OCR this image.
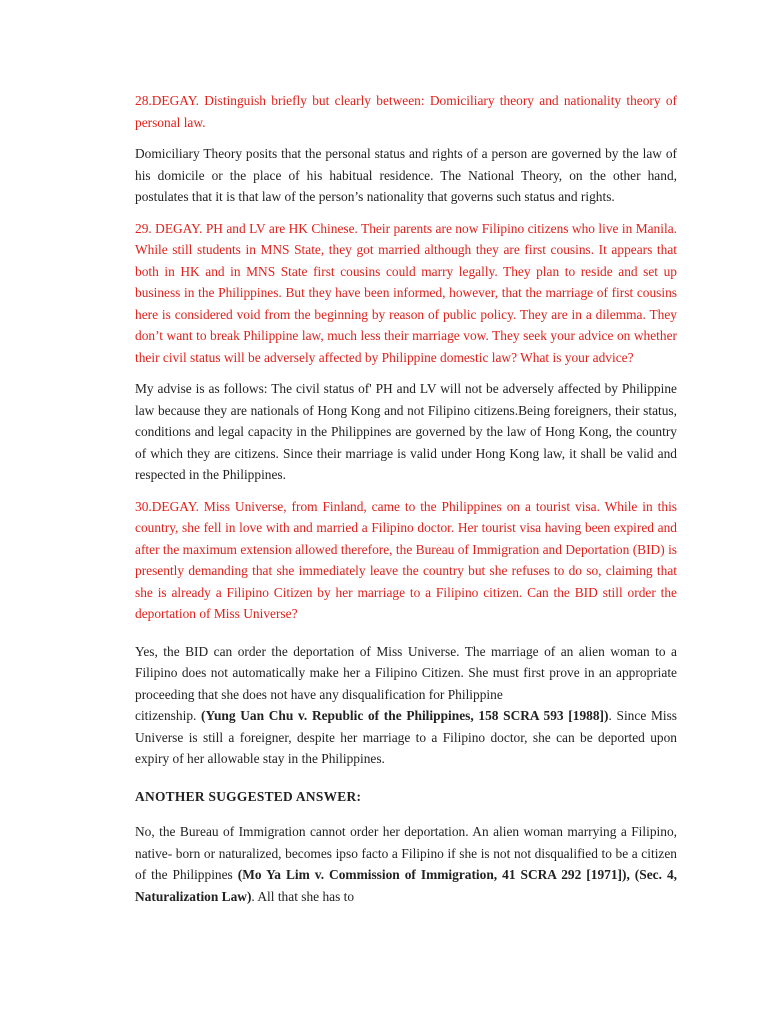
28.DEGAY. Distinguish briefly but clearly between: Domiciliary theory and nationality theory of personal law.

Domiciliary Theory posits that the personal status and rights of a person are governed by the law of his domicile or the place of his habitual residence. The National Theory, on the other hand, postulates that it is that law of the person’s nationality that governs such status and rights.

29. DEGAY. PH and LV are HK Chinese. Their parents are now Filipino citizens who live in Manila. While still students in MNS State, they got married although they are first cousins. It appears that both in HK and in MNS State first cousins could marry legally. They plan to reside and set up business in the Philippines. But they have been informed, however, that the marriage of first cousins here is considered void from the beginning by reason of public policy. They are in a dilemma. They don’t want to break Philippine law, much less their marriage vow. They seek your advice on whether their civil status will be adversely affected by Philippine domestic law? What is your advice?

My advise is as follows: The civil status of' PH and LV will not be adversely affected by Philippine law because they are nationals of Hong Kong and not Filipino citizens.Being foreigners, their status, conditions and legal capacity in the Philippines are governed by the law of Hong Kong, the country of which they are citizens. Since their marriage is valid under Hong Kong law, it shall be valid and respected in the Philippines.

30.DEGAY. Miss Universe, from Finland, came to the Philippines on a tourist visa. While in this country, she fell in love with and married a Filipino doctor. Her tourist visa having been expired and after the maximum extension allowed therefore, the Bureau of Immigration and Deportation (BID) is presently demanding that she immediately leave the country but she refuses to do so, claiming that she is already a Filipino Citizen by her marriage to a Filipino citizen. Can the BID still order the deportation of Miss Universe?

Yes, the BID can order the deportation of Miss Universe. The marriage of an alien woman to a Filipino does not automatically make her a Filipino Citizen. She must first prove in an appropriate proceeding that she does not have any disqualification for Philippine
citizenship. (Yung Uan Chu v. Republic of the Philippines, 158 SCRA 593 [1988]). Since Miss Universe is still a foreigner, despite her marriage to a Filipino doctor, she can be deported upon expiry of her allowable stay in the Philippines.

ANOTHER SUGGESTED ANSWER:

No, the Bureau of Immigration cannot order her deportation. An alien woman marrying a Filipino, native- born or naturalized, becomes ipso facto a Filipino if she is not not disqualified to be a citizen of the Philippines (Mo Ya Lim v. Commission of Immigration, 41 SCRA 292 [1971]), (Sec. 4, Naturalization Law). All that she has to
